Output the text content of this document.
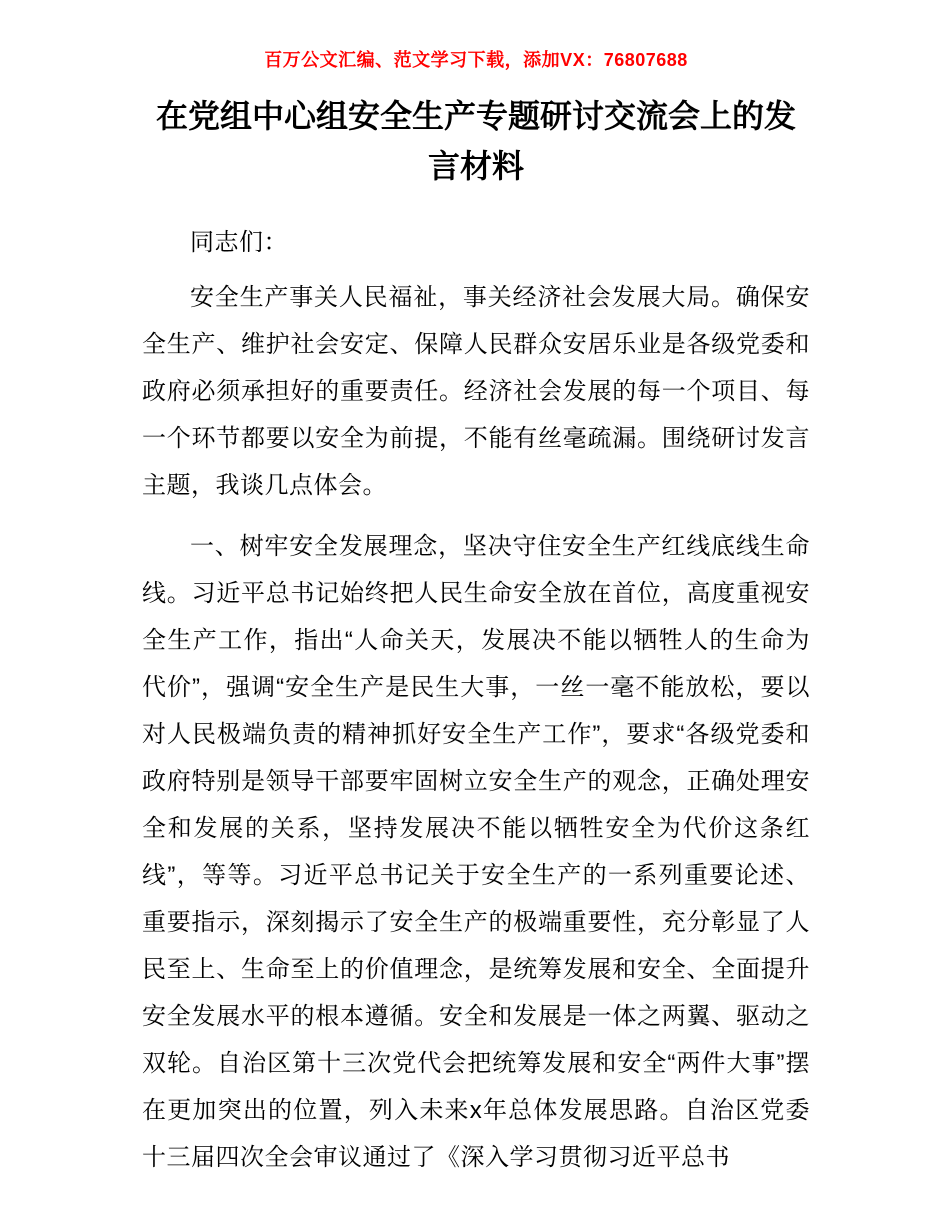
百万公文汇编、范文学习下载，添加VX：76807688
在党组中心组安全生产专题研讨交流会上的发言材料

同志们：

安全生产事关人民福祉，事关经济社会发展大局。确保安全生产、维护社会安定、保障人民群众安居乐业是各级党委和政府必须承担好的重要责任。经济社会发展的每一个项目、每一个环节都要以安全为前提，不能有丝毫疏漏。围绕研讨发言主题，我谈几点体会。

一、树牢安全发展理念，坚决守住安全生产红线底线生命线。习近平总书记始终把人民生命安全放在首位，高度重视安全生产工作，指出“人命关天，发展决不能以牺牲人的生命为代价”，强调“安全生产是民生大事，一丝一毫不能放松，要以对人民极端负责的精神抓好安全生产工作”，要求“各级党委和政府特别是领导干部要牢固树立安全生产的观念，正确处理安全和发展的关系，坚持发展决不能以牺牲安全为代价这条红线”，等等。习近平总书记关于安全生产的一系列重要论述、重要指示，深刻揭示了安全生产的极端重要性，充分彰显了人民至上、生命至上的价值理念，是统筹发展和安全、全面提升安全发展水平的根本遵循。安全和发展是一体之两翼、驱动之双轮。自治区第十三次党代会把统筹发展和安全“两件大事”摆在更加突出的位置，列入未来x年总体发展思路。自治区党委十三届四次全会审议通过了《深入学习贯彻习近平总书
